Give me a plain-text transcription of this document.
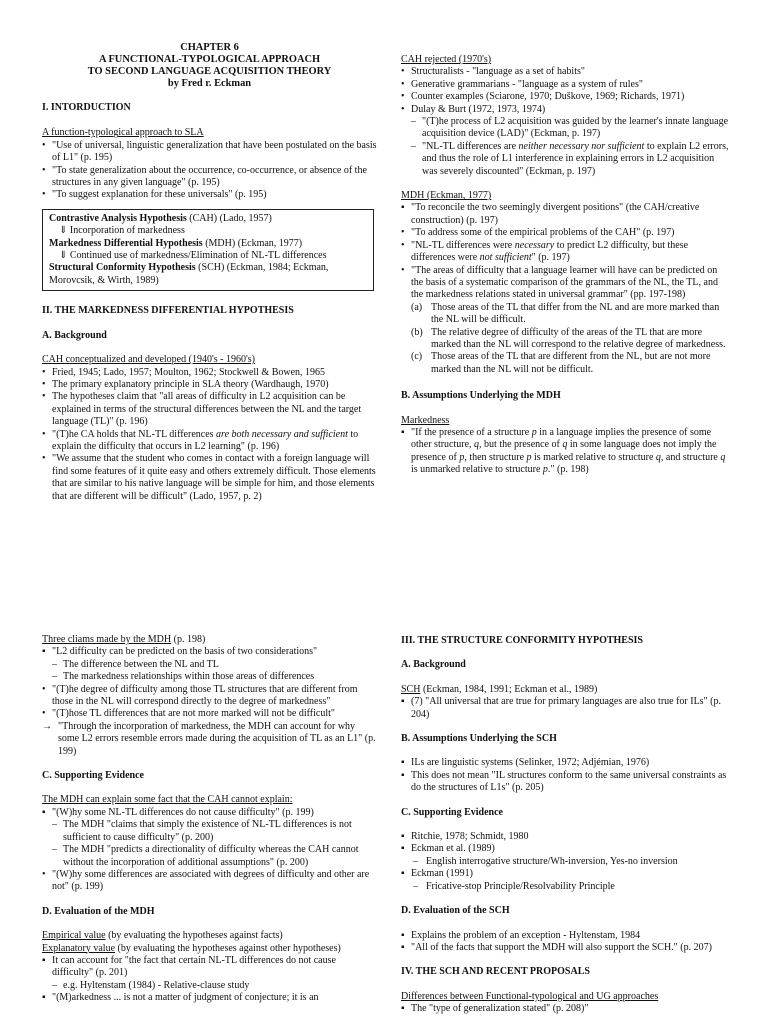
CHAPTER 6
A FUNCTIONAL-TYPOLOGICAL APPROACH
TO SECOND LANGUAGE ACQUISITION THEORY
by Fred r. Eckman

I. INTORDUCTION

A function-typological approach to SLA

• "Use of universal, linguistic generalization that have been postulated on the basis of L1" (p. 195)
• "To state generalization about the occurrence, co-occurrence, or absence of the structures in any given language" (p. 195)
• "To suggest explanation for these universals" (p. 195)
Contrastive Analysis Hypothesis (CAH) (Lado, 1957)
⇓ Incorporation of markedness
Markedness Differential Hypothesis (MDH) (Eckman, 1977)
⇓ Continued use of markedness/Elimination of NL-TL differences
Structural Conformity Hypothesis (SCH) (Eckman, 1984; Eckman, Morovcsik, & Wirth, 1989)

II. THE MARKEDNESS DIFFERENTIAL HYPOTHESIS

A. Background

CAH conceptualized and developed (1940's - 1960's)

• Fried, 1945; Lado, 1957; Moulton, 1962; Stockwell & Bowen, 1965
• The primary explanatory principle in SLA theory (Wardhaugh, 1970)
• The hypotheses claim that "all areas of difficulty in L2 acquisition can be explained in terms of the structural differences between the NL and the target language (TL)" (p. 196)
• "(T)he CA holds that NL-TL differences are both necessary and sufficient to explain the difficulty that occurs in L2 learning" (p. 196)
• "We assume that the student who comes in contact with a foreign language will find some features of it quite easy and others extremely difficult. Those elements that are similar to his native language will be simple for him, and those elements that are different will be difficult" (Lado, 1957, p. 2)

CAH rejected (1970's)

• Structuralists - "language as a set of habits"
• Generative grammarians - "language as a system of rules"
• Counter examples (Sciarone, 1970; Duškove, 1969; Richards, 1971)
• Dulay & Burt (1972, 1973, 1974)
– "(T)he process of L2 acquisition was guided by the learner's innate language acquisition device (LAD)" (Eckman, p. 197)
– "NL-TL differences are neither necessary nor sufficient to explain L2 errors, and thus the role of L1 interference in explaining errors in L2 acquisition was severely discounted" (Eckman, p. 197)

MDH (Eckman, 1977)

▪ "To reconcile the two seemingly divergent positions" (the CAH/creative construction) (p. 197)
• "To address some of the empirical problems of the CAH" (p. 197)
• "NL-TL differences were necessary to predict L2 difficulty, but these differences were not sufficient" (p. 197)
• "The areas of difficulty that a language learner will have can be predicted on the basis of a systematic comparison of the grammars of the NL, the TL, and the markedness relations stated in universal grammar" (pp. 197-198)
(a) Those areas of the TL that differ from the NL and are more marked than the NL will be difficult.
(b) The relative degree of difficulty of the areas of the TL that are more marked than the NL will correspond to the relative degree of markedness.
(c) Those areas of the TL that are different from the NL, but are not more marked than the NL will not be difficult.

B. Assumptions Underlying the MDH

Markedness

▪ "If the presence of a structure p in a language implies the presence of some other structure, q, but the presence of q in some language does not imply the presence of p, then structure p is marked relative to structure q, and structure q is unmarked relative to structure p." (p. 198)

Three cliams made by the MDH (p. 198)

▪ "L2 difficulty can be predicted on the basis of two considerations"
– The difference between the NL and TL
– The markedness relationships within those areas of differences
• "(T)he degree of difficulty among those TL structures that are different from those in the NL will correspond directly to the degree of markedness"
• "(T)hose TL differences that are not more marked will not be difficult"
→ "Through the incorporation of markedness, the MDH can account for why some L2 errors resemble errors made during the acquisition of TL as an L1" (p. 199)

C. Supporting Evidence

The MDH can explain some fact that the CAH cannot explain:

▪ "(W)hy some NL-TL differences do not cause difficulty" (p. 199)
– The MDH "claims that simply the existence of NL-TL differences is not sufficient to cause difficulty" (p. 200)
– The MDH "predicts a directionality of difficulty whereas the CAH cannot without the incorporation of additional assumptions" (p. 200)
• "(W)hy some differences are associated with degrees of difficulty and other are not" (p. 199)

D. Evaluation of the MDH

Empirical value (by evaluating the hypotheses against facts)

Explanatory value (by evaluating the hypotheses against other hypotheses)

▪ It can account for "the fact that certain NL-TL differences do not cause difficulty" (p. 201)
– e.g. Hyltenstam (1984) - Relative-clause study
▪ "(M)arkedness ... is not a matter of judgment of conjecture; it is an

III. THE STRUCTURE CONFORMITY HYPOTHESIS

A. Background

SCH (Eckman, 1984, 1991; Eckman et al., 1989)

▪ (7) "All universal that are true for primary languages are also true for ILs" (p. 204)

B. Assumptions Underlying the SCH

▪ ILs are linguistic systems (Selinker, 1972; Adjémian, 1976)
▪ This does not mean "IL structures conform to the same universal constraints as do the structures of L1s" (p. 205)

C. Supporting Evidence

▪ Ritchie, 1978; Schmidt, 1980
▪ Eckman et al. (1989)
– English interrogative structure/Wh-inversion, Yes-no inversion
▪ Eckman (1991)
– Fricative-stop Principle/Resolvability Principle

D. Evaluation of the SCH

▪ Explains the problem of an exception - Hyltenstam, 1984
▪ "All of the facts that support the MDH will also support the SCH." (p. 207)

IV. THE SCH AND RECENT PROPOSALS

Differences between Functional-typological and UG approaches

▪ The "type of generalization stated" (p. 208)"
